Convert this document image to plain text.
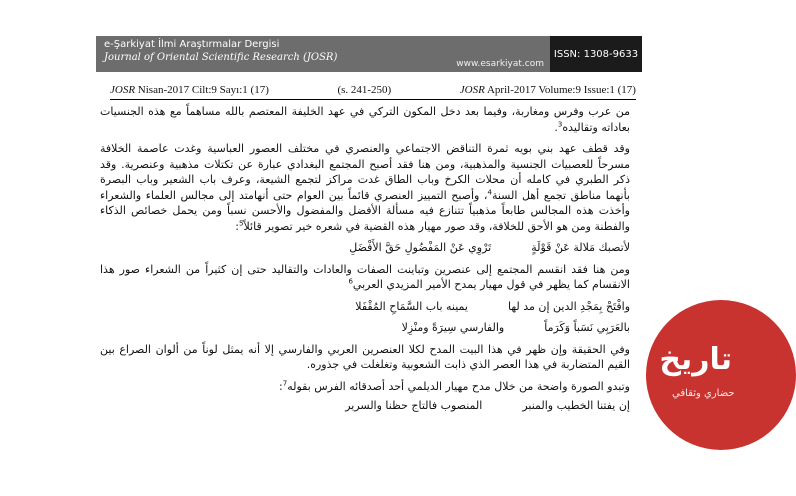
e-Şarkiyat İlmi Araştırmalar Dergisi
Journal of Oriental Scientific Research (JOSR)
www.esarkiyat.com
ISSN: 1308-9633
JOSR Nisan-2017 Cilt:9 Sayı:1 (17)	(s. 241-250)	JOSR April-2017 Volume:9 Issue:1 (17)

من عرب وفرس ومغاربة، وفيما بعد دخل المكون التركي في عهد الخليفة المعتصم بالله مساهماً مع هذه الجنسيات بعاداته وتقاليده$^3$.

وقد قطف عهد بني بويه ثمرة التناقض الاجتماعي والعنصري في مختلف العصور العباسية وغدت عاصمة الخلافة مسرحاً للعصبيات الجنسية والمذهبية، ومن هنا فقد أصبح المجتمع البغدادي عبارة عن تكتلات مذهبية وعنصرية. وقد ذكر الطبري في كامله أن محلات الكرخ وباب الطاق غدت مراكز لتجمع الشيعة، وعرف باب الشعير وباب البصرة بأنهما مناطق تجمع أهل السنة$^4$، وأصبح التمييز العنصري قائماً بين العوام حتى أنهامتد إلى مجالس العلماء والشعراء وأخذت هذه المجالس طابعاً مذهبياً تتنازع فيه مسألة الأفضل والمفضول والأحسن نسباً ومن يحمل خصائص الذكاء والفطنة ومن هو الأحق للخلافة، وقد صور مهيار هذه القضية في شعره خير تصوير قائلاً$^5$:

لأتصبك مَلالة عَنْ قَوْلَةٍ
تَرْوِي عَنْ المَفْضُولِ حَقَّ الأَفْضَلِ

ومن هنا فقد انقسم المجتمع إلى عنصرين وتباينت الصفات والعادات والتقاليد حتى إن كثيراً من الشعراء صور هذا الانقسام كما يظهر في قول مهيار يمدح الأمير المزيدي العربي$^6$

وافْتَحْ بِمَجْدِ الدين إن مد لها
يمينه باب السَّمَاحِ المُقْفَلا
بالعَرَبِي نَسَباً وَكَرَماً
والفارسي سِيرَةً ومنْزِلا

وفي الحقيقة وإن ظهر في هذا البيت المدح لكلا العنصرين العربي والفارسي إلا أنه يمثل لوناً من ألوان الصراع بين القيم المتضاربة في هذا العصر الذي ذابت الشعوبية وتغلغلت في جذوره.

وتبدو الصورة واضحة من خلال مدح مهيار الديلمي أحد أصدقائه الفرس بقوله$^7$:

إن يفتنا الخطيب والمنبر
المنصوب فالتاج حظنا والسرير
تاريخ
حضاري وثقافي
